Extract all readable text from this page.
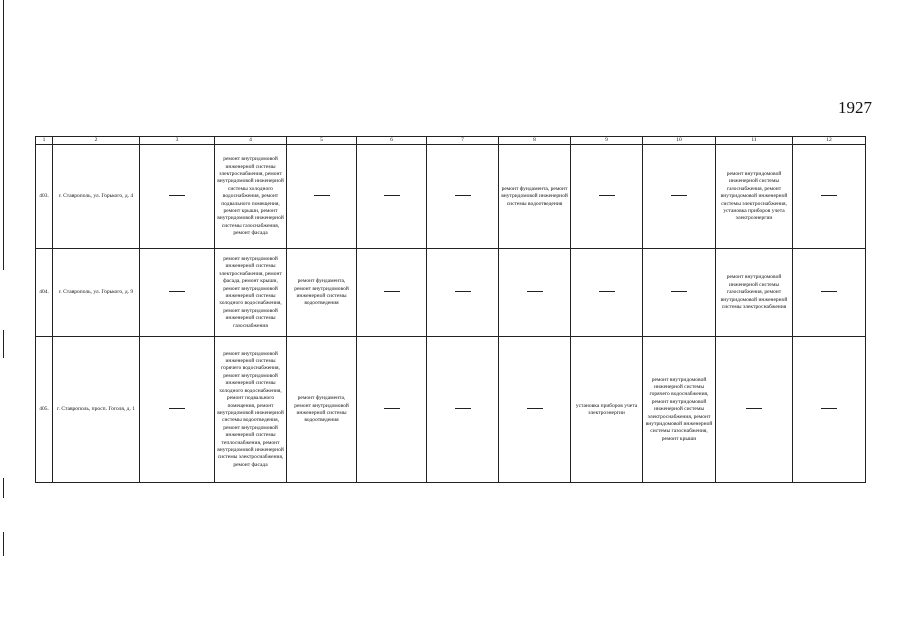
1927
1	2	3	4	5	6	7	8	9	10	11	12
403.	г. Ставрополь, ул. Горького, д. 4		ремонт внутридомовой инженерной системы электроснабжения, ремонт внутридомовой инженерной системы холодного водоснабжения, ремонт подвального помещения, ремонт крыши, ремонт внутридомовой инженерной системы газоснабжения, ремонт фасада				ремонт фундамента, ремонт внутридомовой инженерной системы водоотведения			ремонт внутридомовой инженерной системы газоснабжения, ремонт внутридомовой инженерной системы электроснабжения, установка приборов учета электроэнергии	
404.	г. Ставрополь, ул. Горького, д. 9		ремонт внутридомовой инженерной системы электроснабжения, ремонт фасада, ремонт крыши, ремонт внутридомовой инженерной системы холодного водоснабжения, ремонт внутридомовой инженерной системы газоснабжения	ремонт фундамента, ремонт внутридомовой инженерной системы водоотведения						ремонт внутридомовой инженерной системы газоснабжения, ремонт внутридомовой инженерной системы электроснабжения	
405.	г. Ставрополь, просп. Гоголя, д. 1		ремонт внутридомовой инженерной системы горячего водоснабжения, ремонт внутридомовой инженерной системы холодного водоснабжения, ремонт подвального помещения, ремонт внутридомовой инженерной системы водоотведения, ремонт внутридомовой инженерной системы теплоснабжения, ремонт внутридомовой инженерной системы электроснабжения, ремонт фасада	ремонт фундамента, ремонт внутридомовой инженерной системы водоотведения				установка приборов учета электроэнергии	ремонт внутридомовой инженерной системы горячего водоснабжения, ремонт внутридомовой инженерной системы электроснабжения, ремонт внутридомовой инженерной системы газоснабжения, ремонт крыши		
